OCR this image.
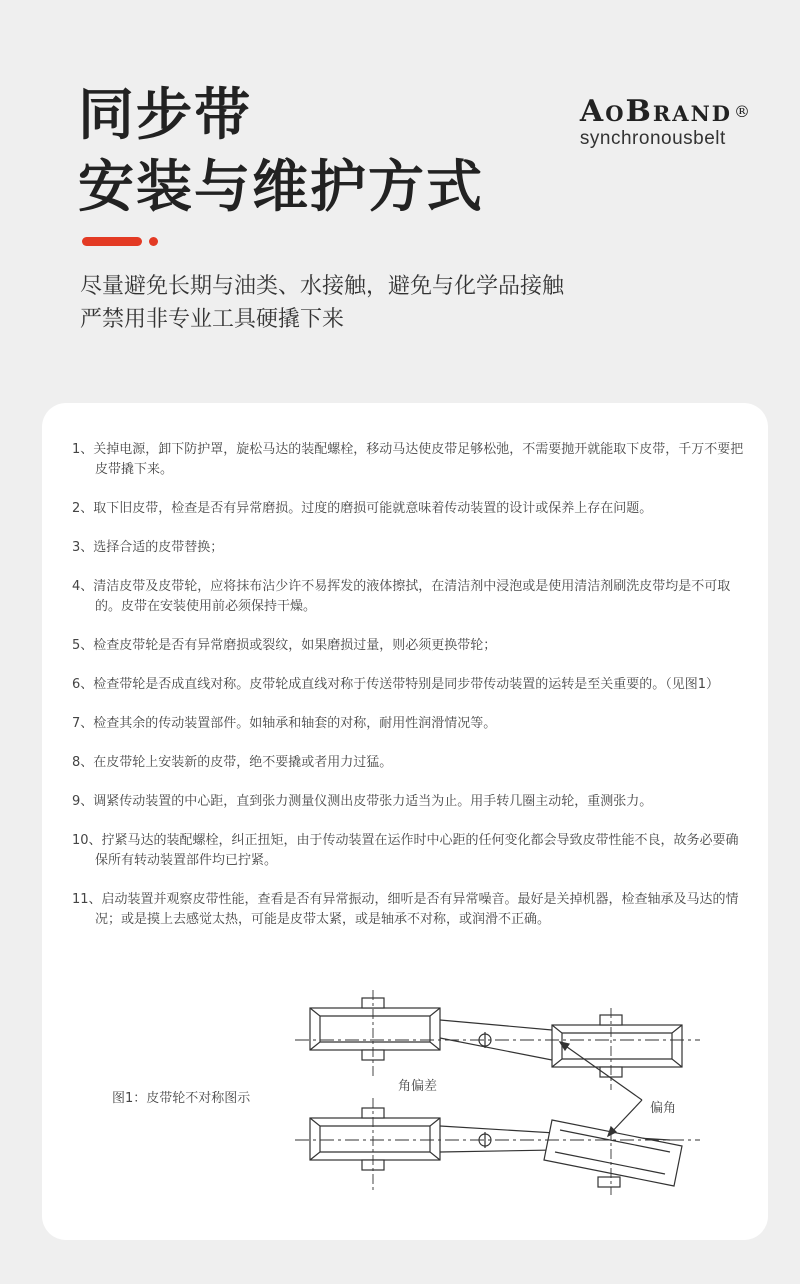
同步带
安装与维护方式
AoBrand ®
synchronousbelt
尽量避免长期与油类、水接触，避免与化学品接触
严禁用非专业工具硬撬下来
1、关掉电源，卸下防护罩，旋松马达的装配螺栓，移动马达使皮带足够松弛，不需要抛开就能取下皮带，千万不要把皮带撬下来。
2、取下旧皮带，检查是否有异常磨损。过度的磨损可能就意味着传动装置的设计或保养上存在问题。
3、选择合适的皮带替换；
4、清洁皮带及皮带轮，应将抹布沾少许不易挥发的液体擦拭，在清洁剂中浸泡或是使用清洁剂刷洗皮带均是不可取的。皮带在安装使用前必须保持干燥。
5、检查皮带轮是否有异常磨损或裂纹，如果磨损过量，则必须更换带轮；
6、检查带轮是否成直线对称。皮带轮成直线对称于传送带特别是同步带传动装置的运转是至关重要的。（见图1）
7、检查其余的传动装置部件。如轴承和轴套的对称，耐用性润滑情况等。
8、在皮带轮上安装新的皮带，绝不要撬或者用力过猛。
9、调紧传动装置的中心距，直到张力测量仪测出皮带张力适当为止。用手转几圈主动轮，重测张力。
10、拧紧马达的装配螺栓，纠正扭矩，由于传动装置在运作时中心距的任何变化都会导致皮带性能不良，故务必要确保所有转动装置部件均已拧紧。
11、启动装置并观察皮带性能，查看是否有异常振动，细听是否有异常噪音。最好是关掉机器，检查轴承及马达的情况；或是摸上去感觉太热，可能是皮带太紧，或是轴承不对称，或润滑不正确。
图1：皮带轮不对称图示
角偏差
偏角
